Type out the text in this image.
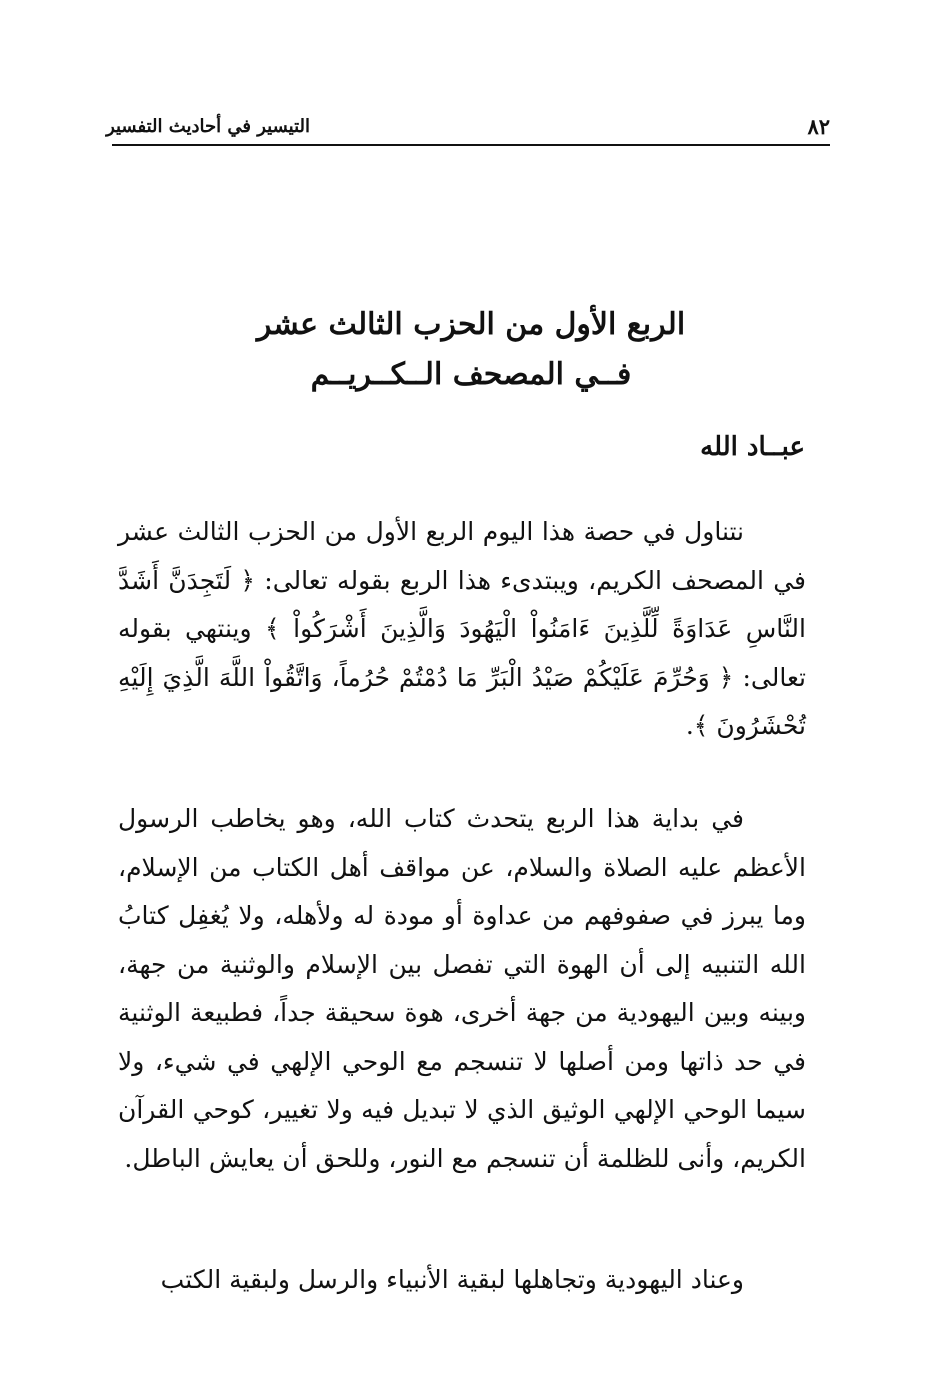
التيسير في أحاديث التفسير	٨٢
الربع الأول من الحزب الثالث عشر
فــي المصحف الــكــريــم
عبــاد الله

نتناول في حصة هذا اليوم الربع الأول من الحزب الثالث عشر في المصحف الكريم، ويبتدىء هذا الربع بقوله تعالى: ﴿ لَتَجِدَنَّ أَشَدَّ النَّاسِ عَدَاوَةً لِّلَّذِينَ ءَامَنُواْ الْيَهُودَ وَالَّذِينَ أَشْرَكُواْ ﴾ وينتهي بقوله تعالى: ﴿ وَحُرِّمَ عَلَيْكُمْ صَيْدُ الْبَرِّ مَا دُمْتُمْ حُرُماً، وَاتَّقُواْ اللَّهَ الَّذِيَ إِلَيْهِ تُحْشَرُونَ ﴾.

في بداية هذا الربع يتحدث كتاب الله، وهو يخاطب الرسول الأعظم عليه الصلاة والسلام، عن مواقف أهل الكتاب من الإسلام، وما يبرز في صفوفهم من عداوة أو مودة له ولأهله، ولا يُغفِل كتابُ الله التنبيه إلى أن الهوة التي تفصل بين الإسلام والوثنية من جهة، وبينه وبين اليهودية من جهة أخرى، هوة سحيقة جداً، فطبيعة الوثنية في حد ذاتها ومن أصلها لا تنسجم مع الوحي الإلهي في شيء، ولا سيما الوحي الإلهي الوثيق الذي لا تبديل فيه ولا تغيير، كوحي القرآن الكريم، وأنى للظلمة أن تنسجم مع النور، وللحق أن يعايش الباطل.

وعناد اليهودية وتجاهلها لبقية الأنبياء والرسل ولبقية الكتب
